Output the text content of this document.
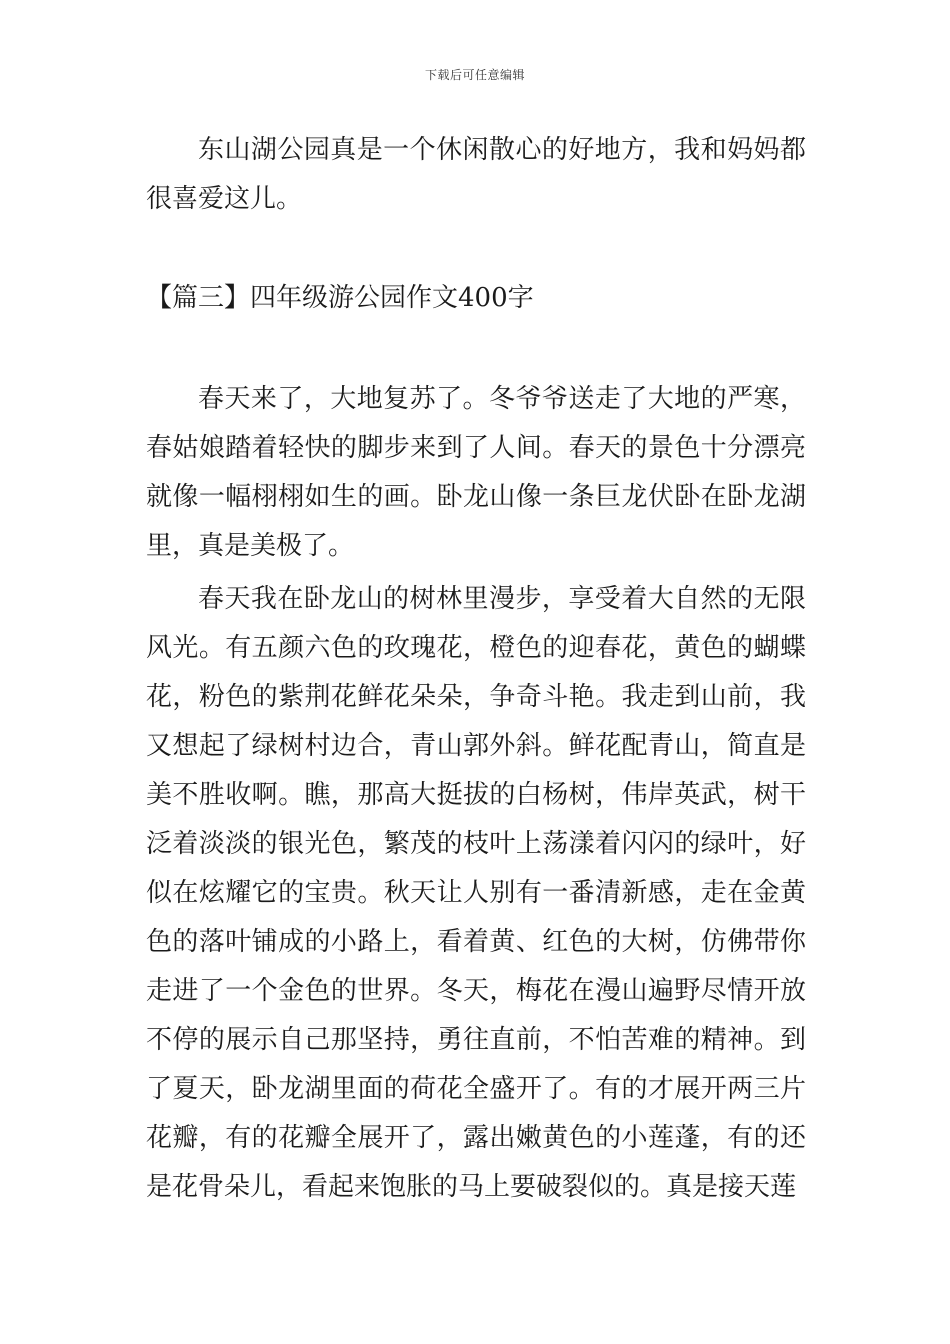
下载后可任意编辑

东山湖公园真是一个休闲散心的好地方，我和妈妈都很喜爱这儿。

【篇三】四年级游公园作文400字

春天来了，大地复苏了。冬爷爷送走了大地的严寒，春姑娘踏着轻快的脚步来到了人间。春天的景色十分漂亮就像一幅栩栩如生的画。卧龙山像一条巨龙伏卧在卧龙湖里，真是美极了。

春天我在卧龙山的树林里漫步，享受着大自然的无限风光。有五颜六色的玫瑰花，橙色的迎春花，黄色的蝴蝶花，粉色的紫荆花鲜花朵朵，争奇斗艳。我走到山前，我又想起了绿树村边合，青山郭外斜。鲜花配青山，简直是美不胜收啊。瞧，那高大挺拔的白杨树，伟岸英武，树干泛着淡淡的银光色，繁茂的枝叶上荡漾着闪闪的绿叶，好似在炫耀它的宝贵。秋天让人别有一番清新感，走在金黄色的落叶铺成的小路上，看着黄、红色的大树，仿佛带你走进了一个金色的世界。冬天，梅花在漫山遍野尽情开放不停的展示自己那坚持，勇往直前，不怕苦难的精神。到了夏天，卧龙湖里面的荷花全盛开了。有的才展开两三片花瓣，有的花瓣全展开了，露出嫩黄色的小莲蓬，有的还是花骨朵儿，看起来饱胀的马上要破裂似的。真是接天莲
